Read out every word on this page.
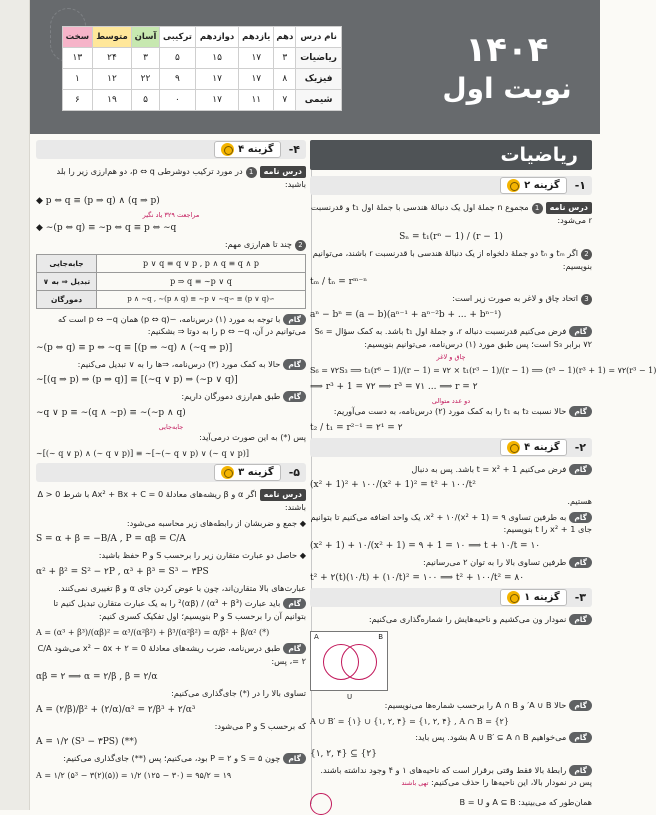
۱۴۰۴
نوبت اول
نام درس	دهم	یازدهم	دوازدهم	ترکیبی	آسان	متوسط	سخت
ریاضیات	۳	۱۷	۱۵	۵	۳	۲۴	۱۳
فیزیک	۸	۱۷	۱۷	۹	۲۲	۱۲	۱
شیمی	۷	۱۱	۱۷	۰	۵	۱۹	۶
ریاضیات
۱-
گزینه ۲
درس نامه1مجموع n جملهٔ اول یک دنبالهٔ هندسی با جملهٔ اول t₁ و قدرنسبت r می‌شود:
Sₙ = t₁(rⁿ − 1) / (r − 1)
2اگر tₘ و tₙ دو جملهٔ دلخواه از یک دنبالهٔ هندسی با قدرنسبت r باشند، می‌توانیم بنویسیم:
tₘ / tₙ = rᵐ⁻ⁿ
3اتحاد چاق و لاغر به صورت زیر است:
aⁿ − bⁿ = (a − b)(aⁿ⁻¹ + aⁿ⁻²b + ... + bⁿ⁻¹)
گامفرض می‌کنیم قدرنسبت دنباله r، و جملهٔ اول t₁ باشد. به کمک سؤال S₆ = ۷۲ برابر S₃ است؛ پس طبق مورد (۱) درس‌نامه، می‌توانیم بنویسیم:
چاق و لاغر
S₆ = ۷۲S₃ ⟹ t₁(r⁶ − 1)/(r − 1) = ۷۲ × t₁(r³ − 1)/(r − 1) ⟹ (r³ − 1)(r³ + 1) = ۷۲(r³ − 1)
⟹ r³ + 1 = ۷۲ ⟹ r³ = ۷۱ ... ⟹ r = ۲
دو عدد متوالی
گامحالا نسبت t₂ به t₁ را به کمک مورد (۲) درس‌نامه، به دست می‌آوریم:
t₂ / t₁ = r²⁻¹ = ۲¹ = ۲
۲-
گزینه ۴
گامفرض می‌کنیم t = x² + 1 باشد. پس به دنبال
(x² + 1)² + ۱۰۰/(x² + 1)² = t² + ۱۰۰/t²
هستیم.
گامبه طرفین تساوی x² + ۱۰/(x² + 1) = ۹، یک واحد اضافه می‌کنیم تا بتوانیم جای x² + 1 را t بنویسیم:
(x² + 1) + ۱۰/(x² + 1) = ۹ + 1 = ۱۰ ⟹ t + ۱۰/t = ۱۰
گامطرفین تساوی بالا را به توان ۲ می‌رسانیم:
t² + ۲(t)(۱۰/t) + (۱۰/t)² = ۱۰۰ ⟹ t² + ۱۰۰/t² = ۸۰
۳-
گزینه ۱
گامنمودار ون می‌کشیم و ناحیه‌هایش را شماره‌گذاری می‌کنیم:
A	B
U
گامحالا A ∪ B′ و A ∩ B را برحسب شماره‌ها می‌نویسیم:
A ∪ B′ = {۱} ∪ {۱, ۲, ۴} = {۱, ۲, ۴} , A ∩ B = {۲}
گاممی‌خواهیم A ∪ B′ ⊆ A ∩ B بشود. پس باید:
{۱, ۲, ۴} ⊆ {۲}
گامرابطهٔ بالا فقط وقتی برقرار است که ناحیه‌های ۱ و ۴ وجود نداشته باشند. پس در نمودار بالا، این ناحیه‌ها را حذف می‌کنیم: تهی باشند
همان‌طور که می‌بینید: A ⊆ B و B = U
۴-
گزینه ۴
درس نامه1در مورد ترکیب دوشرطی p ⇔ q، دو هم‌ارزی زیر را بلد باشید:
◆ p ⇔ q ≡ (p ⇒ q) ∧ (q ⇒ p)
مراجعت ۳۲۹ یاد نگیر
◆ ∼(p ⇔ q) ≡ ∼p ⇔ q ≡ p ⇔ ∼q
2چند تا هم‌ارزی مهم:
p ∨ q ≡ q ∨ p , p ∧ q ≡ q ∧ p	جابه‌جایی
p ⇒ q ≡ ∼p ∨ q	تبدیل ⇒ به ∨
∼(p ∨ q) ≡ ∼p ∧ ∼q , ∼(p ∧ q) ≡ ∼p ∨ ∼q	دمورگان
گامبا توجه به مورد (۱) درس‌نامه، ∼(p ⇔ q) همان p ⇔ ∼q است که می‌توانیم در آن، p ⇔ ∼q را به دوتا ⇒ بشکنیم:
∼(p ⇔ q) ≡ p ⇔ ∼q ≡ [(p ⇒ ∼q) ∧ (∼q ⇒ p)]
گامحالا به کمک مورد (۲) درس‌نامه، ⇒ها را به ∨ تبدیل می‌کنیم:
∼[(q ⇒ p) ⇒ (p ⇒ q)] ≡ [(∼q ∨ p) ⇒ (∼p ∨ q)]
گامطبق هم‌ارزی دمورگان داریم:
∼q ∨ p ≡ ∼(q ∧ ∼p) ≡ ∼(∼p ∧ q)
جابه‌جایی
پس (*) به این صورت درمی‌آید:
∼[(∼ q ∨ p) ∧ (∼ q ∨ p)] ≡ ∼[∼(∼ q ∨ p) ∨ (∼ q ∨ p)]
۵-
گزینه ۳
درس نامهاگر α و β ریشه‌های معادلهٔ Ax² + Bx + C = 0 با شرط Δ > 0 باشند:
◆ جمع و ضربشان از رابطه‌های زیر محاسبه می‌شود:
S = α + β = −B/A , P = αβ = C/A
◆ حاصل دو عبارت متقارن زیر را برحسب S و P حفظ باشید:
α² + β² = S² − ۲P , α³ + β³ = S³ − ۳PS
عبارت‌های بالا متقارن‌اند، چون با عوض کردن جای α و β تغییری نمی‌کنند.
گامباید عبارت (α³ + β³) / (αβ)² را به یک عبارت متقارن تبدیل کنیم تا بتوانیم آن را برحسب S و P بنویسیم؛ اول تفکیک کسری کنیم:
A = (α³ + β³)/(αβ)² = α³/(α²β²) + β³/(α²β²) = α/β² + β/α² (*)
گامطبق درس‌نامه، ضرب ریشه‌های معادلهٔ x² − ۵x + ۲ = 0 می‌شود C/A = ۲، پس:
αβ = ۲ ⟹ α = ۲/β , β = ۲/α
تساوی بالا را در (*) جای‌گذاری می‌کنیم:
A = (۲/β)/β² + (۲/α)/α² = ۲/β³ + ۲/α³
که برحسب S و P می‌شود:
A = ۱/۲ (S³ − ۳PS) (**)
گامچون S = ۵ و P = ۲ بود، می‌کنیم؛ پس (**) جای‌گذاری می‌کنیم:
A = ۱/۲ (۵³ − ۳(۲)(۵)) = ۱/۲ (۱۲۵ − ۳۰) = ۹۵/۲ = ۱۹
